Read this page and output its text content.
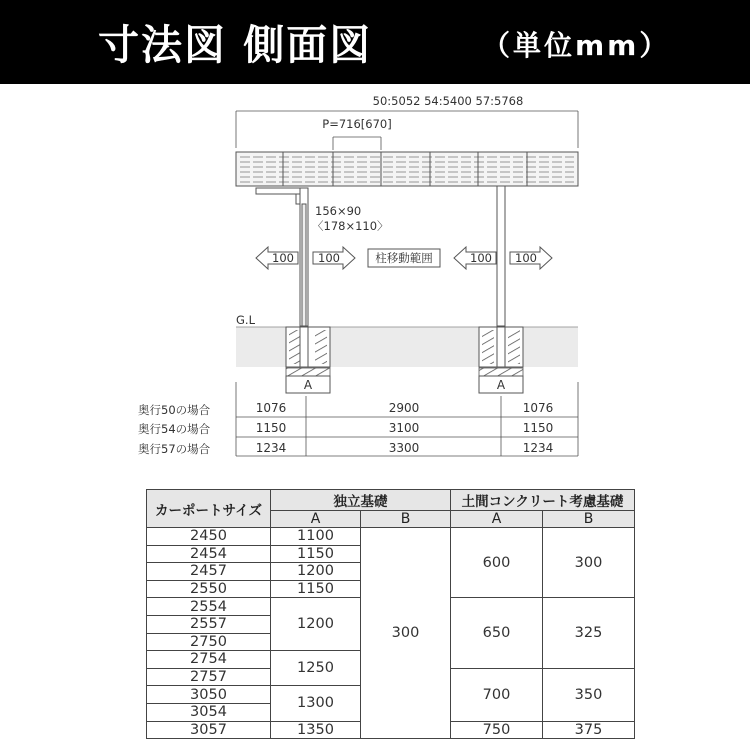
寸法図 側面図	（単位mm）
50:5052 54:5400 57:5768
P=716[670]
156×90
〈178×110〉
100 100	柱移動範囲	100 100
G.L
A	A
奥行50の場合	1076	2900	1076
奥行54の場合	1150	3100	1150
奥行57の場合	1234	3300	1234
カーポートサイズ	独立基礎		土間コンクリート考慮基礎	
	A	B	A	B
2450	1100	300	600	300
2454	1150			
2457	1200			
2550	1150			
2554	1200		650	325
2557				
2750				
2754	1250			
2757			700	350
3050	1300			
3054				
3057	1350		750	375
